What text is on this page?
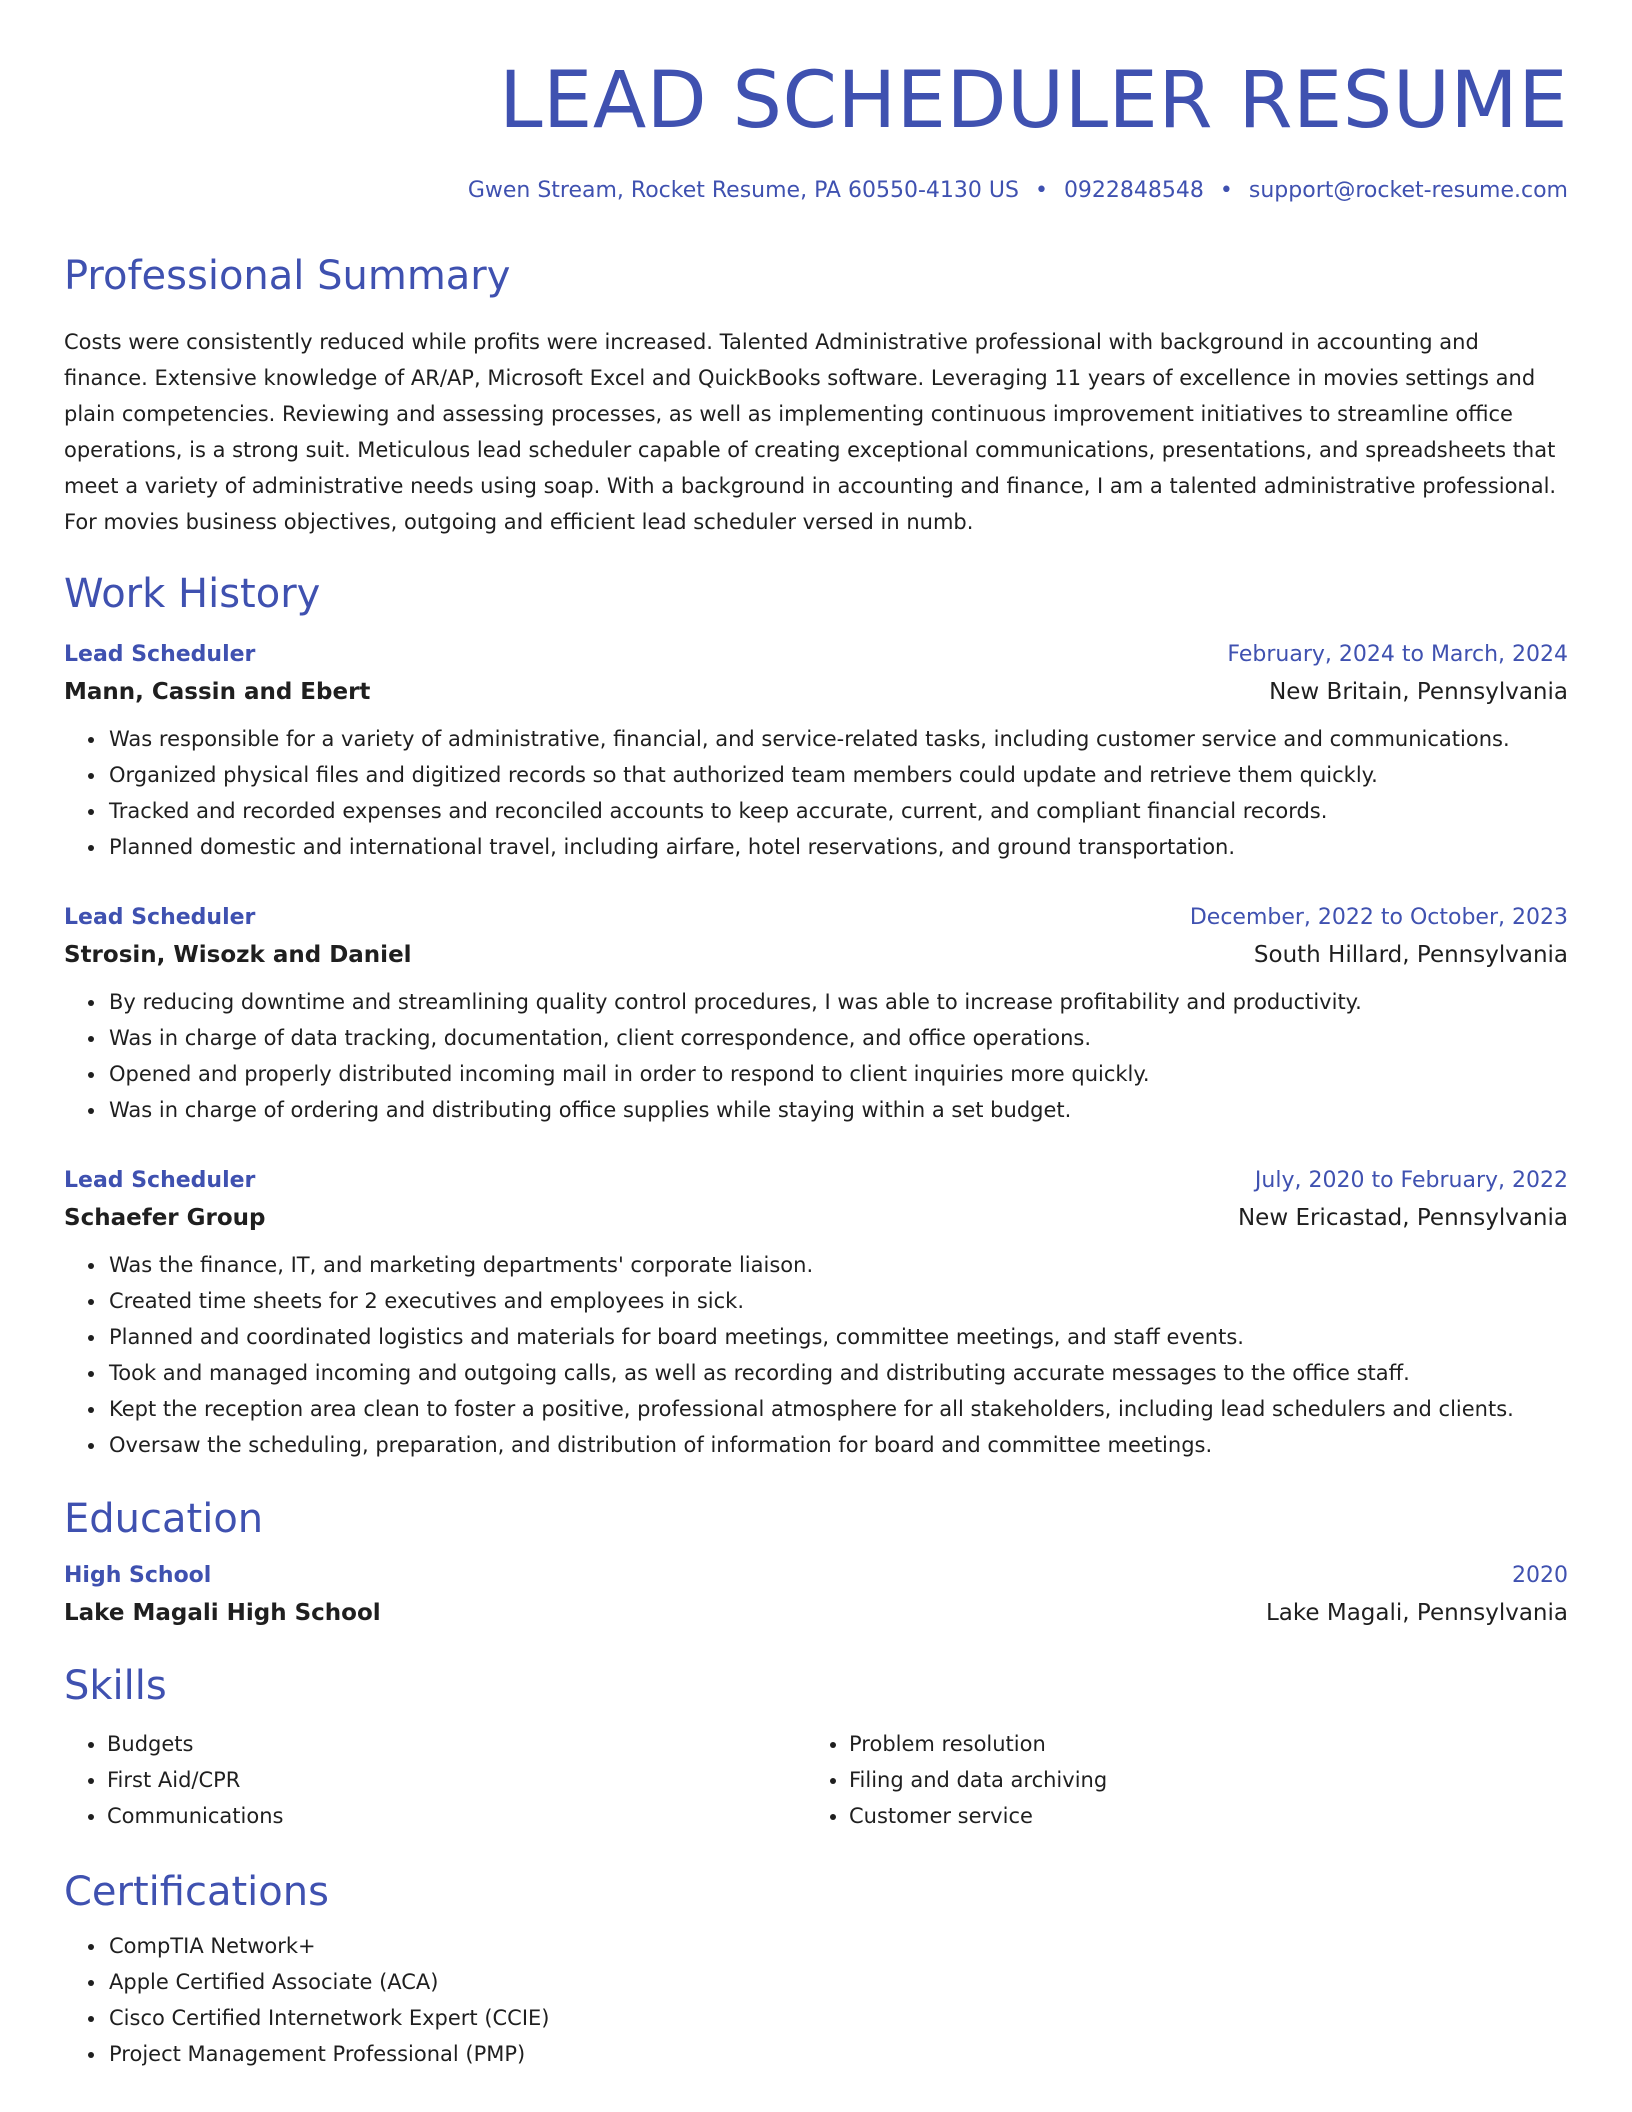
LEAD SCHEDULER RESUME
Gwen Stream, Rocket Resume, PA 60550-4130 US • 0922848548 • support@rocket-resume.com
Professional Summary

Costs were consistently reduced while profits were increased. Talented Administrative professional with background in accounting and finance. Extensive knowledge of AR/AP, Microsoft Excel and QuickBooks software. Leveraging 11 years of excellence in movies settings and plain competencies. Reviewing and assessing processes, as well as implementing continuous improvement initiatives to streamline office operations, is a strong suit. Meticulous lead scheduler capable of creating exceptional communications, presentations, and spreadsheets that meet a variety of administrative needs using soap. With a background in accounting and finance, I am a talented administrative professional. For movies business objectives, outgoing and efficient lead scheduler versed in numb.

Work History
Lead Scheduler	February, 2024 to March, 2024
Mann, Cassin and Ebert	New Britain, Pennsylvania
• Was responsible for a variety of administrative, financial, and service-related tasks, including customer service and communications.
• Organized physical files and digitized records so that authorized team members could update and retrieve them quickly.
• Tracked and recorded expenses and reconciled accounts to keep accurate, current, and compliant financial records.
• Planned domestic and international travel, including airfare, hotel reservations, and ground transportation.
Lead Scheduler	December, 2022 to October, 2023
Strosin, Wisozk and Daniel	South Hillard, Pennsylvania
• By reducing downtime and streamlining quality control procedures, I was able to increase profitability and productivity.
• Was in charge of data tracking, documentation, client correspondence, and office operations.
• Opened and properly distributed incoming mail in order to respond to client inquiries more quickly.
• Was in charge of ordering and distributing office supplies while staying within a set budget.
Lead Scheduler	July, 2020 to February, 2022
Schaefer Group	New Ericastad, Pennsylvania
• Was the finance, IT, and marketing departments' corporate liaison.
• Created time sheets for 2 executives and employees in sick.
• Planned and coordinated logistics and materials for board meetings, committee meetings, and staff events.
• Took and managed incoming and outgoing calls, as well as recording and distributing accurate messages to the office staff.
• Kept the reception area clean to foster a positive, professional atmosphere for all stakeholders, including lead schedulers and clients.
• Oversaw the scheduling, preparation, and distribution of information for board and committee meetings.
Education
High School	2020
Lake Magali High School	Lake Magali, Pennsylvania
Skills
• Budgets
• First Aid/CPR
• Communications
• Problem resolution
• Filing and data archiving
• Customer service
Certifications
• CompTIA Network+
• Apple Certified Associate (ACA)
• Cisco Certified Internetwork Expert (CCIE)
• Project Management Professional (PMP)
